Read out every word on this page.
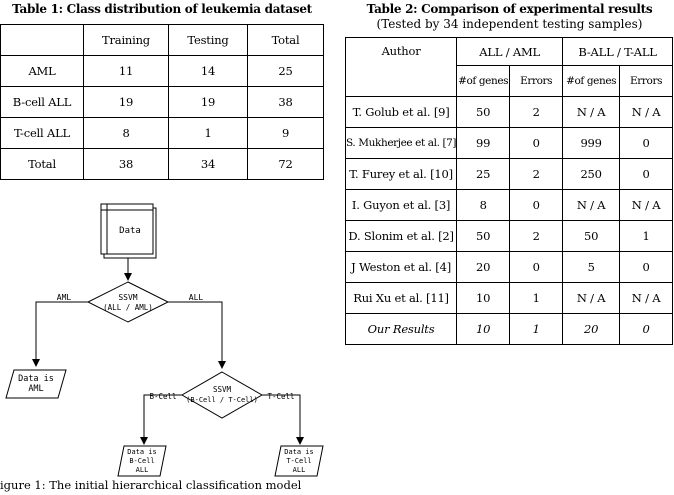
Table 1: Class distribution of leukemia dataset
	Training	Testing	Total
AML	11	14	25
B-cell ALL	19	19	38
T-cell ALL	8	1	9
Total	38	34	72
Table 2: Comparison of experimental results
(Tested by 34 independent testing samples)
Author	ALL / AML		B-ALL / T-ALL	
	#of genes	Errors	#of genes	Errors
T. Golub et al. [9]	50	2	N / A	N / A
S. Mukherjee et al. [7]	99	0	999	0
T. Furey et al. [10]	25	2	250	0
I. Guyon et al. [3]	8	0	N / A	N / A
D. Slonim et al. [2]	50	2	50	1
J Weston et al. [4]	20	0	5	0
Rui Xu et al. [11]	10	1	N / A	N / A
Our Results	10	1	20	0
Data
SSVM
(ALL / AML)
AML	ALL
Data is
AML	SSVM
(B-Cell / T-Cell)
B-Cell	T-Cell
Data is
B-Cell
ALL
Data is
T-Cell
ALL
igure 1: The initial hierarchical classification model
